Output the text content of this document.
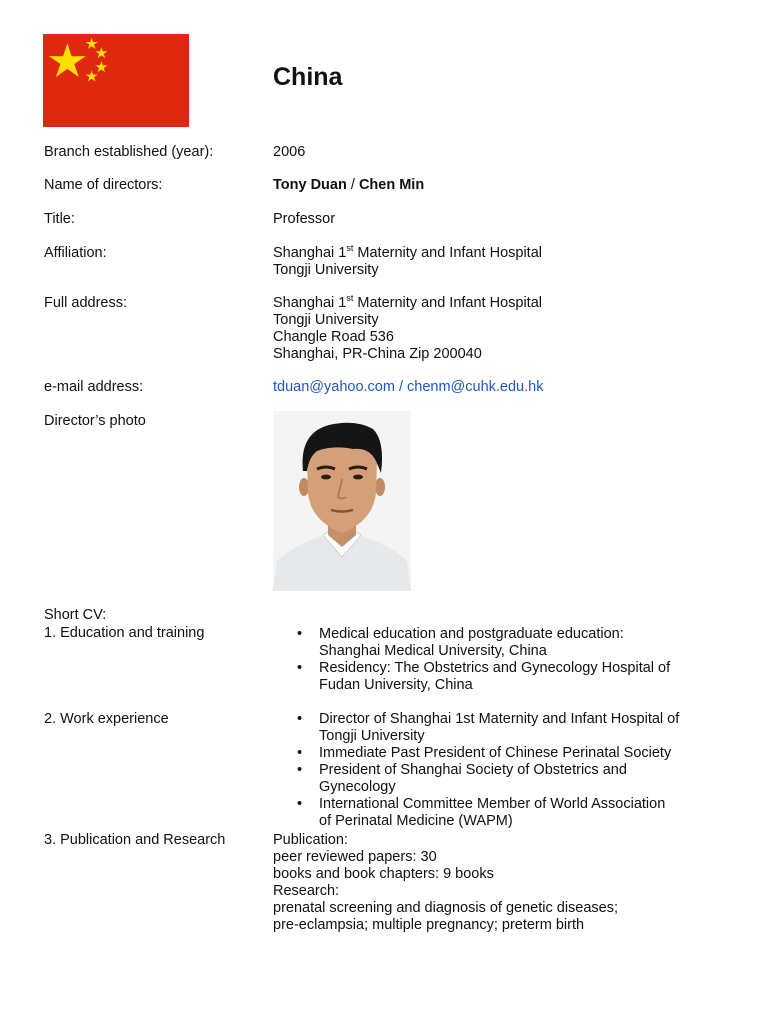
China
Branch established (year):	2006
Name of directors:	Tony Duan / Chen Min
Title:	Professor
Affiliation:	Shanghai 1st Maternity and Infant Hospital
Tongji University
Full address:	Shanghai 1st Maternity and Infant Hospital
Tongji University
Changle Road 536
Shanghai, PR-China Zip 200040
e-mail address:	tduan@yahoo.com / chenm@cuhk.edu.hk
Director’s photo
Short CV:
1. Education and training	• Medical education and postgraduate education:
Shanghai Medical University, China
• Residency: The Obstetrics and Gynecology Hospital of
Fudan University, China
2. Work experience	• Director of Shanghai 1st Maternity and Infant Hospital of
Tongji University
• Immediate Past President of Chinese Perinatal Society
• President of Shanghai Society of Obstetrics and
Gynecology
• International Committee Member of World Association
of Perinatal Medicine (WAPM)
3. Publication and Research	Publication:
peer reviewed papers: 30
books and book chapters: 9 books
Research:
prenatal screening and diagnosis of genetic diseases;
pre-eclampsia; multiple pregnancy; preterm birth
